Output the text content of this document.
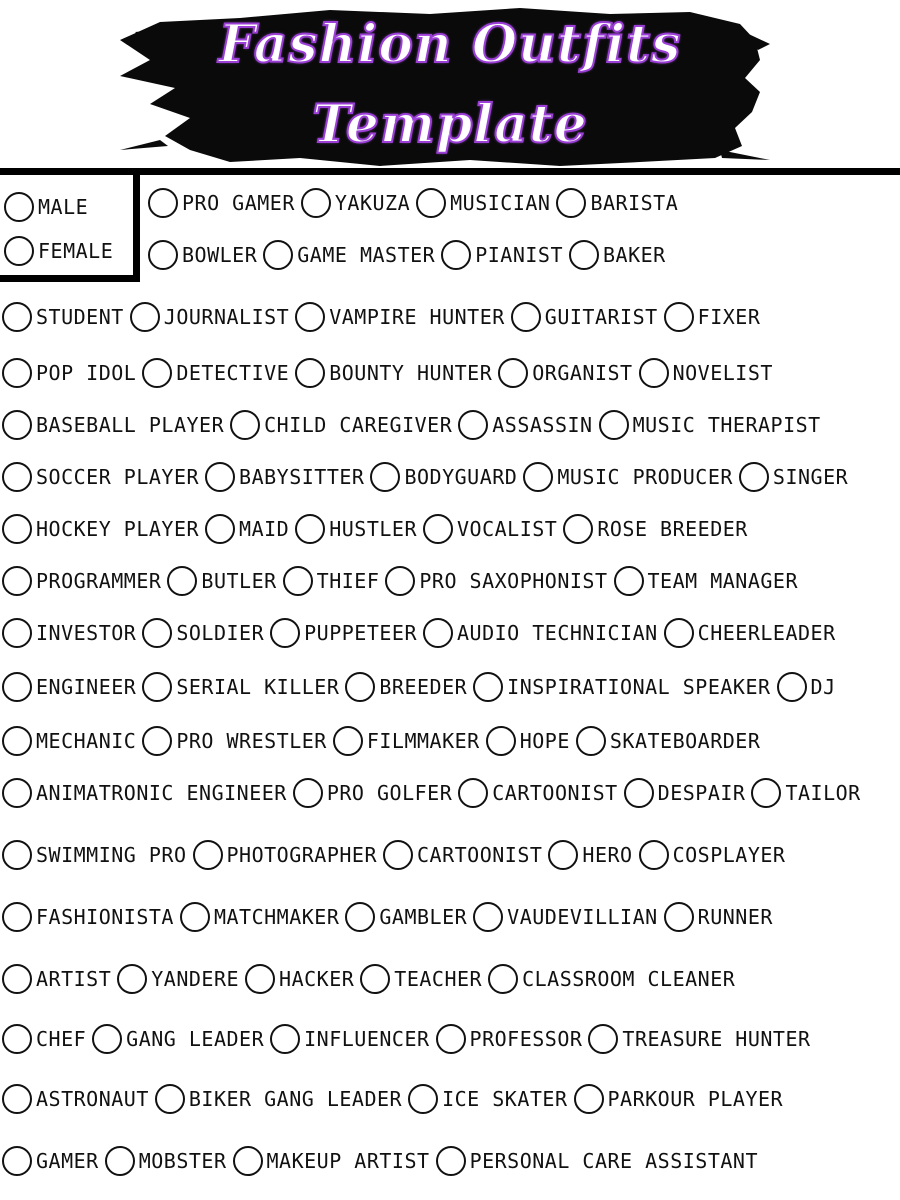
Fashion Outfits
Template
MALE
FEMALE
PRO GAMER YAKUZA MUSICIAN BARISTA
BOWLER GAME MASTER PIANIST BAKER
STUDENT JOURNALIST VAMPIRE HUNTER GUITARIST FIXER
POP IDOL DETECTIVE BOUNTY HUNTER ORGANIST NOVELIST
BASEBALL PLAYER CHILD CAREGIVER ASSASSIN MUSIC THERAPIST
SOCCER PLAYER BABYSITTER BODYGUARD MUSIC PRODUCER SINGER
HOCKEY PLAYER MAID HUSTLER VOCALIST ROSE BREEDER
PROGRAMMER BUTLER THIEF PRO SAXOPHONIST TEAM MANAGER
INVESTOR SOLDIER PUPPETEER AUDIO TECHNICIAN CHEERLEADER
ENGINEER SERIAL KILLER BREEDER INSPIRATIONAL SPEAKER DJ
MECHANIC PRO WRESTLER FILMMAKER HOPE SKATEBOARDER
ANIMATRONIC ENGINEER PRO GOLFER CARTOONIST DESPAIR TAILOR
SWIMMING PRO PHOTOGRAPHER CARTOONIST HERO COSPLAYER
FASHIONISTA MATCHMAKER GAMBLER VAUDEVILLIAN RUNNER
ARTIST YANDERE HACKER TEACHER CLASSROOM CLEANER
CHEF GANG LEADER INFLUENCER PROFESSOR TREASURE HUNTER
ASTRONAUT BIKER GANG LEADER ICE SKATER PARKOUR PLAYER
GAMER MOBSTER MAKEUP ARTIST PERSONAL CARE ASSISTANT
